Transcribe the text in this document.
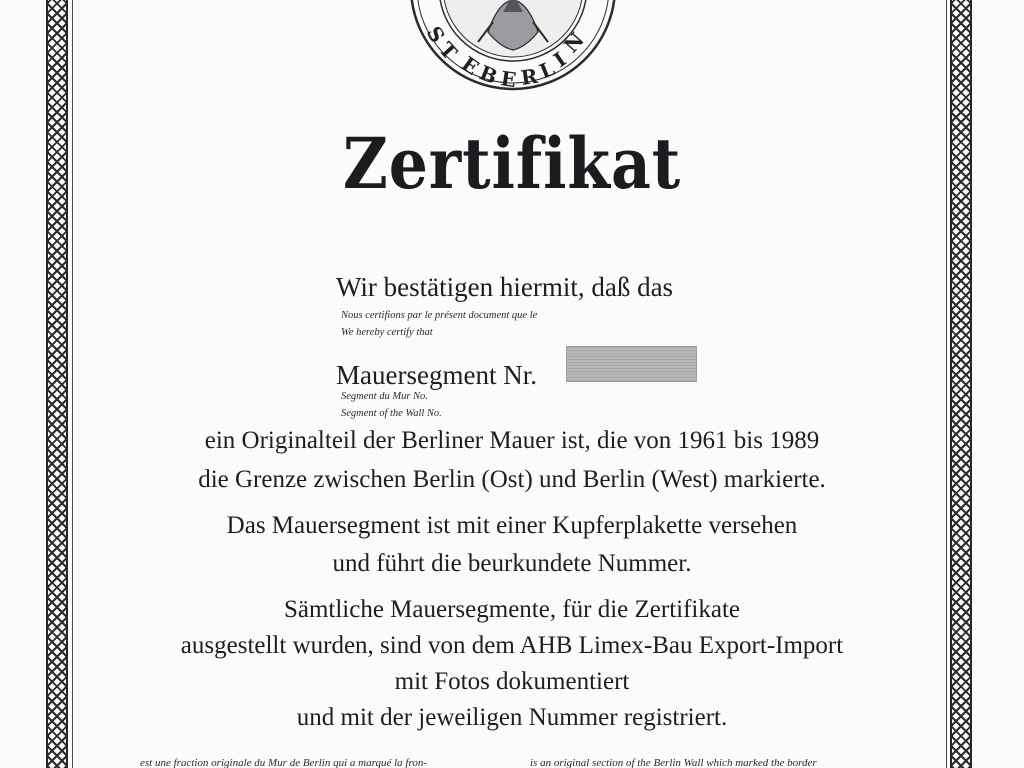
E
B
E R
L
I
N
S
T
Zertifikat
Wir bestätigen hiermit, daß das
Nous certifions par le présent document que le
We hereby certify that
Mauersegment Nr.
Segment du Mur No.
Segment of the Wall No.
ein Originalteil der Berliner Mauer ist, die von 1961 bis 1989
die Grenze zwischen Berlin (Ost) und Berlin (West) markierte.
Das Mauersegment ist mit einer Kupferplakette versehen
und führt die beurkundete Nummer.
Sämtliche Mauersegmente, für die Zertifikate
ausgestellt wurden, sind von dem AHB Limex-Bau Export-Import
mit Fotos dokumentiert
und mit der jeweiligen Nummer registriert.
est une fraction originale du Mur de Berlin qui a marqué la fron-	is an original section of the Berlin Wall which marked the border
